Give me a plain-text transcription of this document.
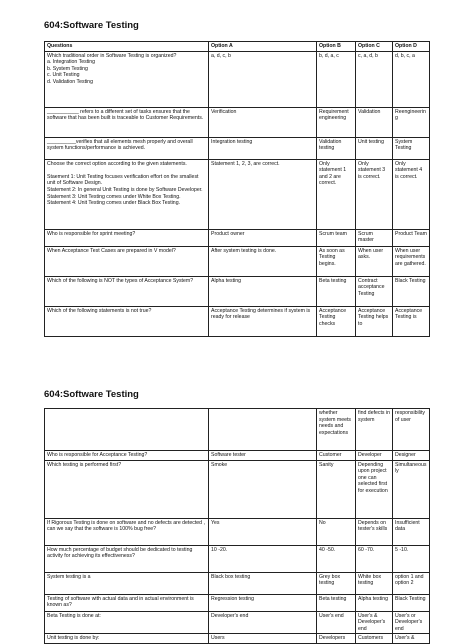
604:Software Testing
Questions	Option A	Option B	Option C	Option D

Which traditional order in Software Testing is organized?
a. Integration Testing
b. System Testing
c. Unit Testing
d. Validation Testing	a, d, c, b	b, d, a, c	c, a, d, b	d, b, c, a

___________ refers to a different set of tasks ensures that the software that has been built is traceable to Customer Requirements.	Verification	Requirement engineering	Validation	Reengineering

__________verifies that all elements mesh properly and overall system functions/performance is achieved.	Integration testing	Validation testing	Unit testing	System Testing

Choose the correct option according to the given statements.

Staement 1: Unit Testing focuses verification effort on the smallest unit of Software Design.
Statement 2: In general Unit Testing is done by Software Developer.
Statement 3: Unit Testing comes under White Box Testing.
Statement 4: Unit Testing comes under Black Box Testing.	Statement 1, 2, 3, are correct.	Only statement 1 and 2 are correct.	Only statement 3 is correct.	Only statement 4 is correct.

Who is responsible for sprint meeting?	Product owner	Scrum team	Scrum master	Product Team

When Acceptance Test Cases are prepared in V model?	After system testing is done.	As soon as Testing begins.	When user asks.	When user requirements are gathered.

Which of the following is NOT the types of Acceptance System?	Alpha testing	Beta testing	Contract acceptance Testing	Black Testing

Which of the following statements is not true?	Acceptance Testing determines if system is ready for release	Acceptance Testing checks	Acceptance Testing helps to	Acceptance Testing is
604:Software Testing

		whether system meets needs and expectations	find defects in system	responsibility of user

Who is responsible for Acceptance Testing?	Software tester	Customer	Developer	Designer

Which testing is performed first?	Smoke	Sanity	Depending upon project one can selected first for execution	Simultaneously

If Rigorous Testing is done on software and no defects are detected , can we say that the software is 100% bug free?	Yes	No	Depends on tester's skills	Insufficient data

How much percentage of budget should be dedicated to testing activity for achieving its effectiveness?	10 -20.	40 -50.	60 -70.	5 -10.

System testing is a	Black box testing	Grey box testing	White box testing	option 1 and option 2

Testing of software with actual data and in actual environment is known as?	Regression testing	Beta testing	Alpha testing	Black Testing

Beta Testing is done at:	Developer's end	User's end	User's & Developer's end	User's or Developer's end

Unit testing is done by:	Users	Developers	Customers	User's &
